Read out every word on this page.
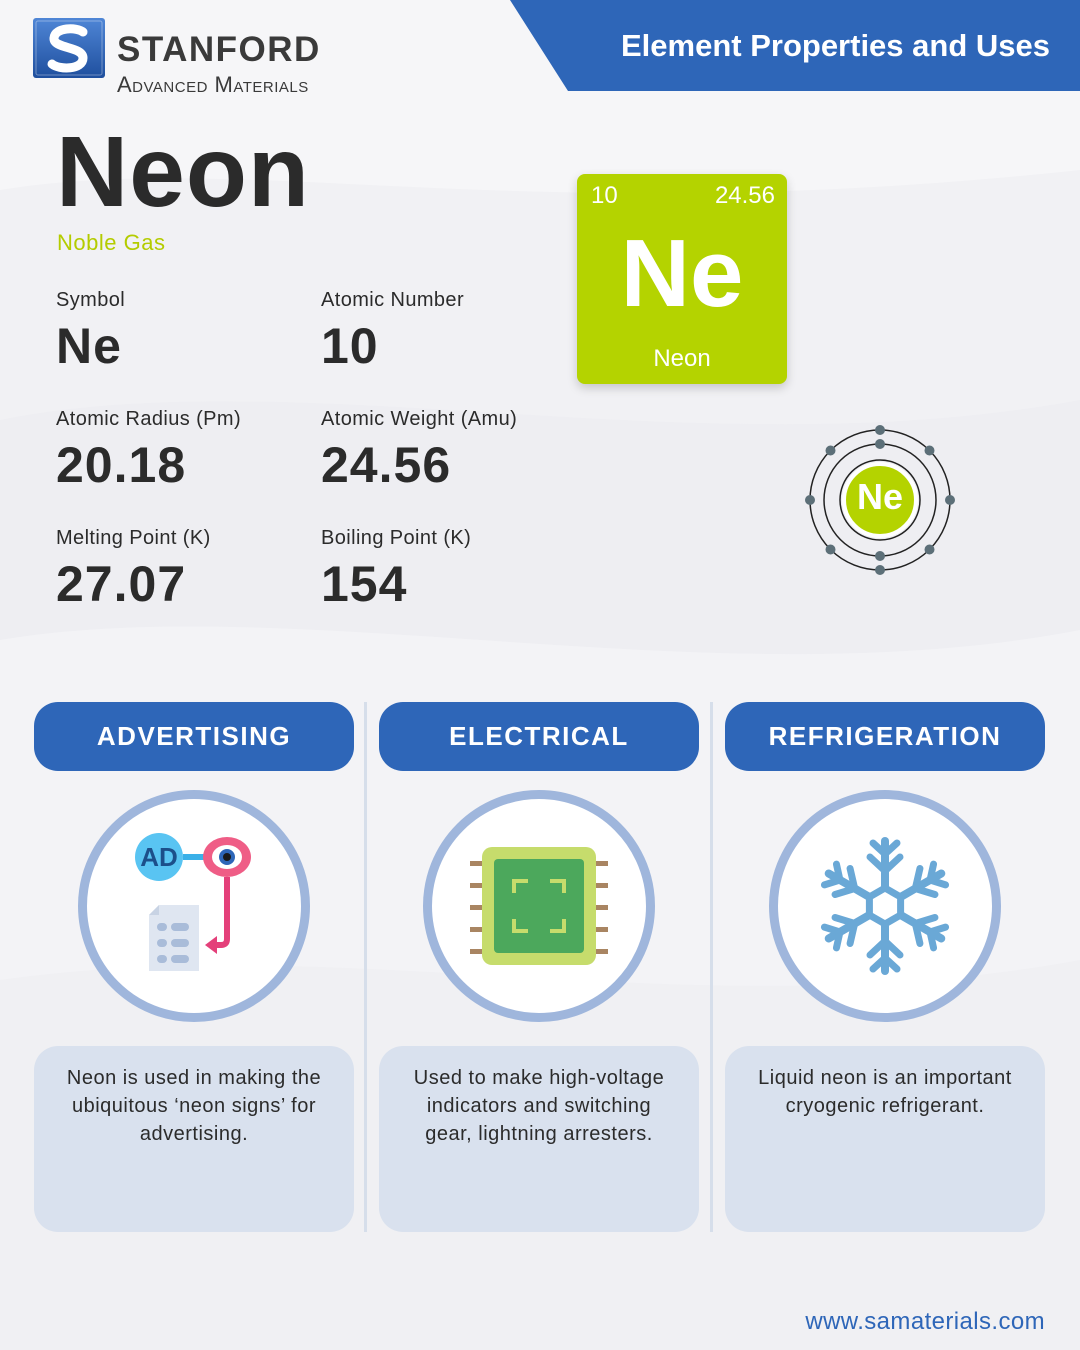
STANFORD
Advanced Materials
Element Properties and Uses
Neon
Noble Gas
Symbol
Ne
Atomic Number
10
Atomic Radius (Pm)
20.18
Atomic Weight (Amu)
24.56
Melting Point (K)
27.07
Boiling Point (K)
154
10	24.56
Ne
Neon
Ne
ADVERTISING
AD
Neon is used in making the ubiquitous ‘neon signs’ for advertising.
ELECTRICAL
Used to make high-voltage indicators and switching gear, lightning arresters.
REFRIGERATION
Liquid neon is an important cryogenic refrigerant.
www.samaterials.com
